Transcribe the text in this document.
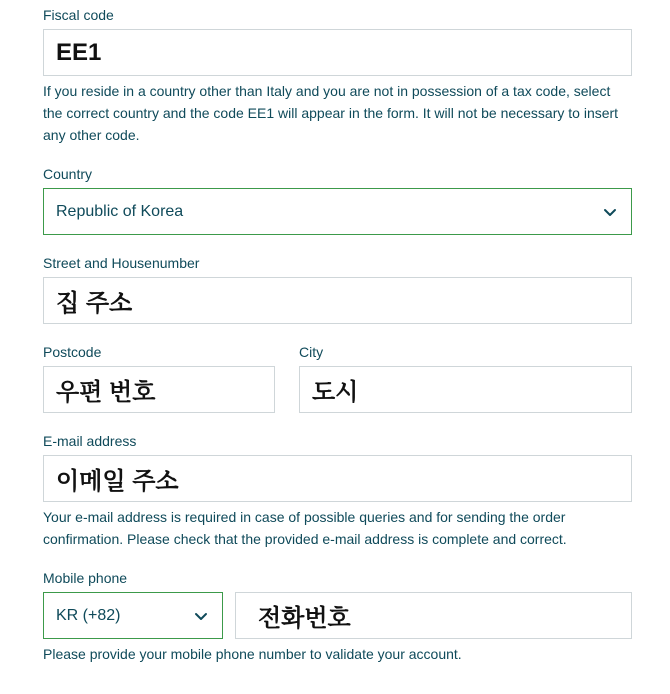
Fiscal code

EE1

If you reside in a country other than Italy and you are not in possession of a tax code, select the correct country and the code EE1 will appear in the form. It will not be necessary to insert any other code.

Country

Republic of Korea

Street and Housenumber

집 주소

Postcode

우편 번호

City

도시

E-mail address

이메일 주소

Your e-mail address is required in case of possible queries and for sending the order confirmation. Please check that the provided e-mail address is complete and correct.

Mobile phone

KR (+82)	전화번호

Please provide your mobile phone number to validate your account.
